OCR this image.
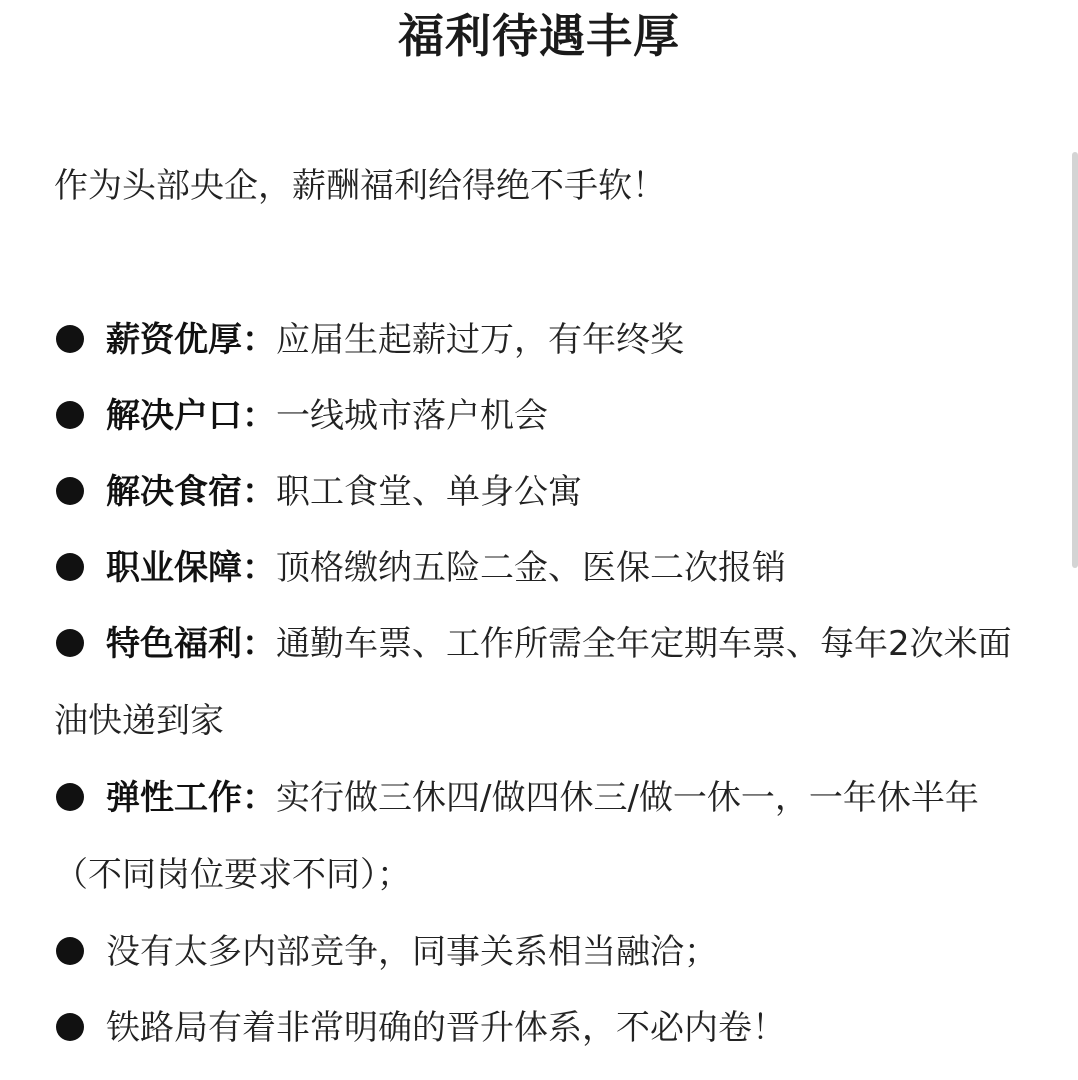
福利待遇丰厚
作为头部央企，薪酬福利给得绝不手软！
薪资优厚：应届生起薪过万，有年终奖
解决户口：一线城市落户机会
解决食宿：职工食堂、单身公寓
职业保障：顶格缴纳五险二金、医保二次报销
特色福利：通勤车票、工作所需全年定期车票、每年2次米面油快递到家
弹性工作：实行做三休四/做四休三/做一休一，一年休半年（不同岗位要求不同）；
没有太多内部竞争，同事关系相当融洽；
铁路局有着非常明确的晋升体系，不必内卷！
